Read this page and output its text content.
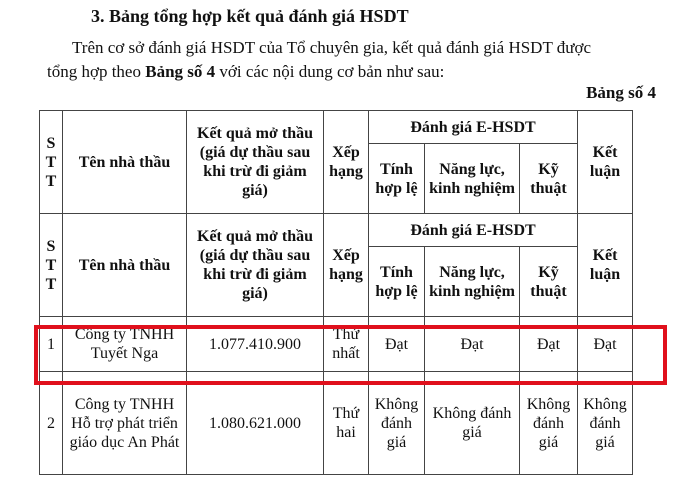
3. Bảng tổng hợp kết quả đánh giá HSDT
Trên cơ sở đánh giá HSDT của Tổ chuyên gia, kết quả đánh giá HSDT được
tổng hợp theo Bảng số 4 với các nội dung cơ bản như sau:
Bảng số 4
S
T
T	Tên nhà thầu	Kết quả mở thầu (giá dự thầu sau khi trừ đi giảm giá)	Xếp hạng	Đánh giá E-HSDT			Kết luận
				Tính hợp lệ	Năng lực, kinh nghiệm	Kỹ thuật	
S
T
T	Tên nhà thầu	Kết quả mở thầu (giá dự thầu sau khi trừ đi giảm giá)	Xếp hạng	Đánh giá E-HSDT			Kết luận
				Tính hợp lệ	Năng lực, kinh nghiệm	Kỹ thuật	
1	Công ty TNHH Tuyết Nga	1.077.410.900	Thứ nhất	Đạt	Đạt	Đạt	Đạt
2	Công ty TNHH Hỗ trợ phát triển giáo dục An Phát	1.080.621.000	Thứ hai	Không đánh giá	Không đánh giá	Không đánh giá	Không đánh giá
